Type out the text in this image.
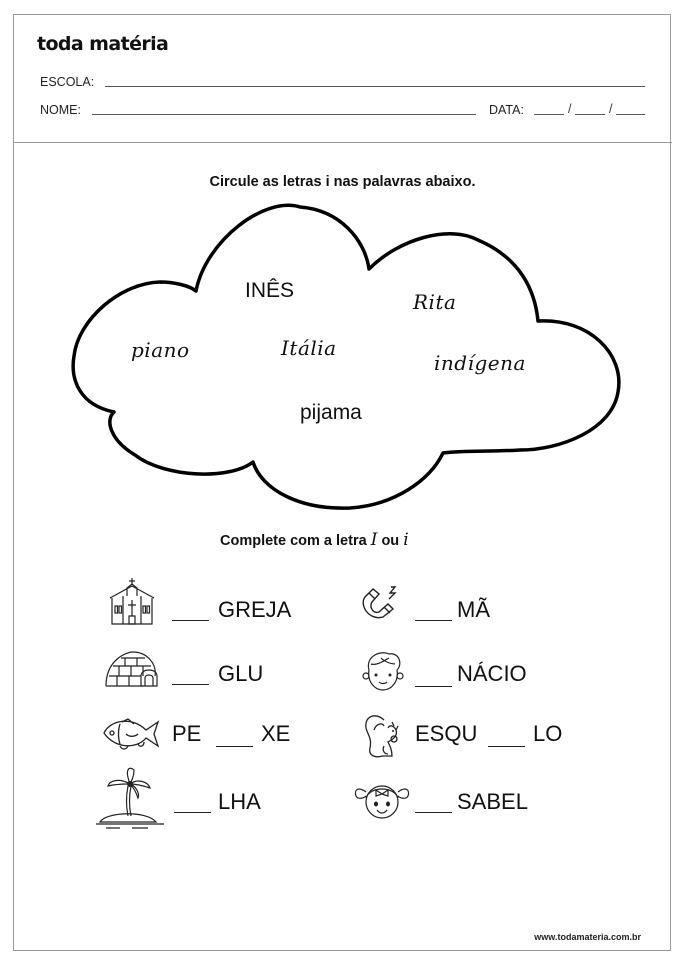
toda matéria
ESCOLA:
NOME:	DATA:	/	/
Circule as letras i nas palavras abaixo.
INÊS	Rita
piano	Itália
indígena
pijama
Complete com a letra I ou i
GREJA	MÃ
GLU	NÁCIO
PE	XE	ESQU	LO
LHA	SABEL
www.todamateria.com.br
